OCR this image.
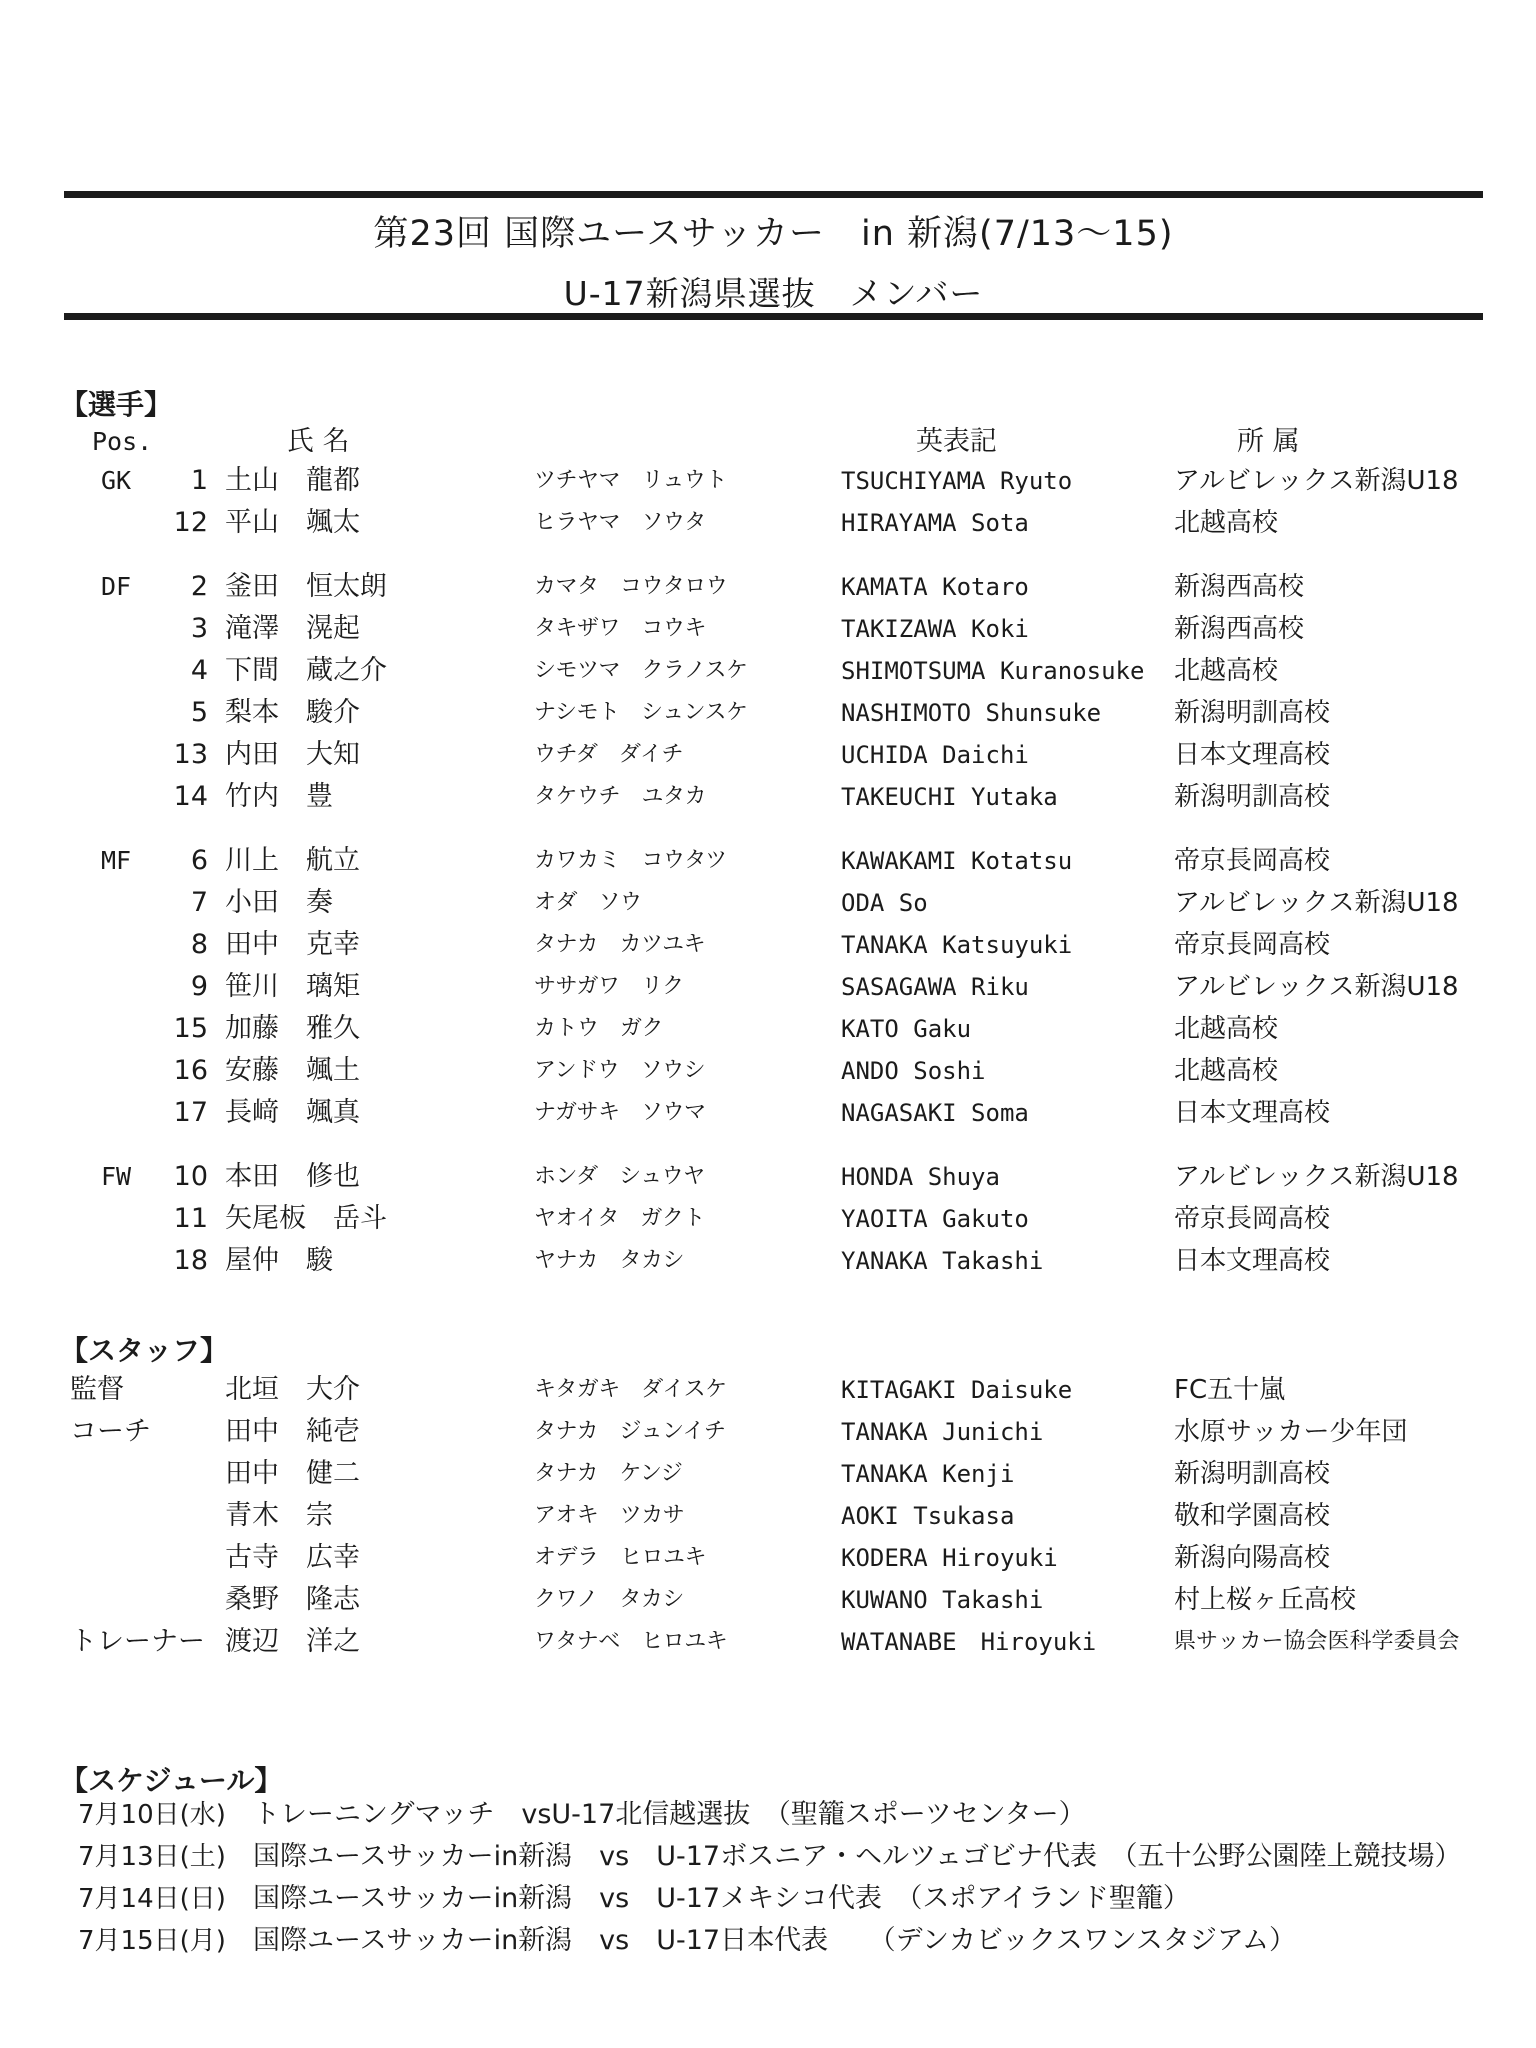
第23回 国際ユースサッカー　in 新潟(7/13～15)
U-17新潟県選抜　メンバー
【選手】
Pos.	氏 名	英表記	所 属
GK	1 土山　龍都	ツチヤマ　リュウト	TSUCHIYAMA Ryuto	アルビレックス新潟U18
12 平山　颯太	ヒラヤマ　ソウタ	HIRAYAMA Sota	北越高校
DF	2 釜田　恒太朗	カマタ　コウタロウ	KAMATA Kotaro	新潟西高校
3 滝澤　滉起	タキザワ　コウキ	TAKIZAWA Koki	新潟西高校
4 下間　蔵之介	シモツマ　クラノスケ	SHIMOTSUMA Kuranosuke 北越高校
5 梨本　駿介	ナシモト　シュンスケ	NASHIMOTO Shunsuke	新潟明訓高校
13 内田　大知	ウチダ　ダイチ	UCHIDA Daichi	日本文理高校
14 竹内　豊	タケウチ　ユタカ	TAKEUCHI Yutaka	新潟明訓高校
MF	6 川上　航立	カワカミ　コウタツ	KAWAKAMI Kotatsu	帝京長岡高校
7 小田　奏	オダ　ソウ	ODA So	アルビレックス新潟U18
8 田中　克幸	タナカ　カツユキ	TANAKA Katsuyuki	帝京長岡高校
9 笹川　璃矩	ササガワ　リク	SASAGAWA Riku	アルビレックス新潟U18
15 加藤　雅久	カトウ　ガク	KATO Gaku	北越高校
16 安藤　颯土	アンドウ　ソウシ	ANDO Soshi	北越高校
17 長﨑　颯真	ナガサキ　ソウマ	NAGASAKI Soma	日本文理高校
FW	10 本田　修也	ホンダ　シュウヤ	HONDA Shuya	アルビレックス新潟U18
11 矢尾板　岳斗	ヤオイタ　ガクト	YAOITA Gakuto	帝京長岡高校
18 屋仲　駿	ヤナカ　タカシ	YANAKA Takashi	日本文理高校
【スタッフ】
監督	北垣　大介	キタガキ　ダイスケ	KITAGAKI Daisuke	FC五十嵐
コーチ	田中　純壱	タナカ　ジュンイチ	TANAKA Junichi	水原サッカー少年団
田中　健二	タナカ　ケンジ	TANAKA Kenji	新潟明訓高校
青木　宗	アオキ　ツカサ	AOKI Tsukasa	敬和学園高校
古寺　広幸	オデラ　ヒロユキ	KODERA Hiroyuki	新潟向陽高校
桑野　隆志	クワノ　タカシ	KUWANO Takashi	村上桜ヶ丘高校
トレーナー 渡辺　洋之	ワタナベ　ヒロユキ	WATANABE　Hiroyuki	県サッカー協会医科学委員会
【スケジュール】
7月10日(水) トレーニングマッチ　vsU-17北信越選抜　（聖籠スポーツセンター）
7月13日(土) 国際ユースサッカーin新潟　vs　U-17ボスニア・ヘルツェゴビナ代表　（五十公野公園陸上競技場）
7月14日(日) 国際ユースサッカーin新潟　vs　U-17メキシコ代表　（スポアイランド聖籠）
7月15日(月) 国際ユースサッカーin新潟　vs　U-17日本代表　　（デンカビックスワンスタジアム）
